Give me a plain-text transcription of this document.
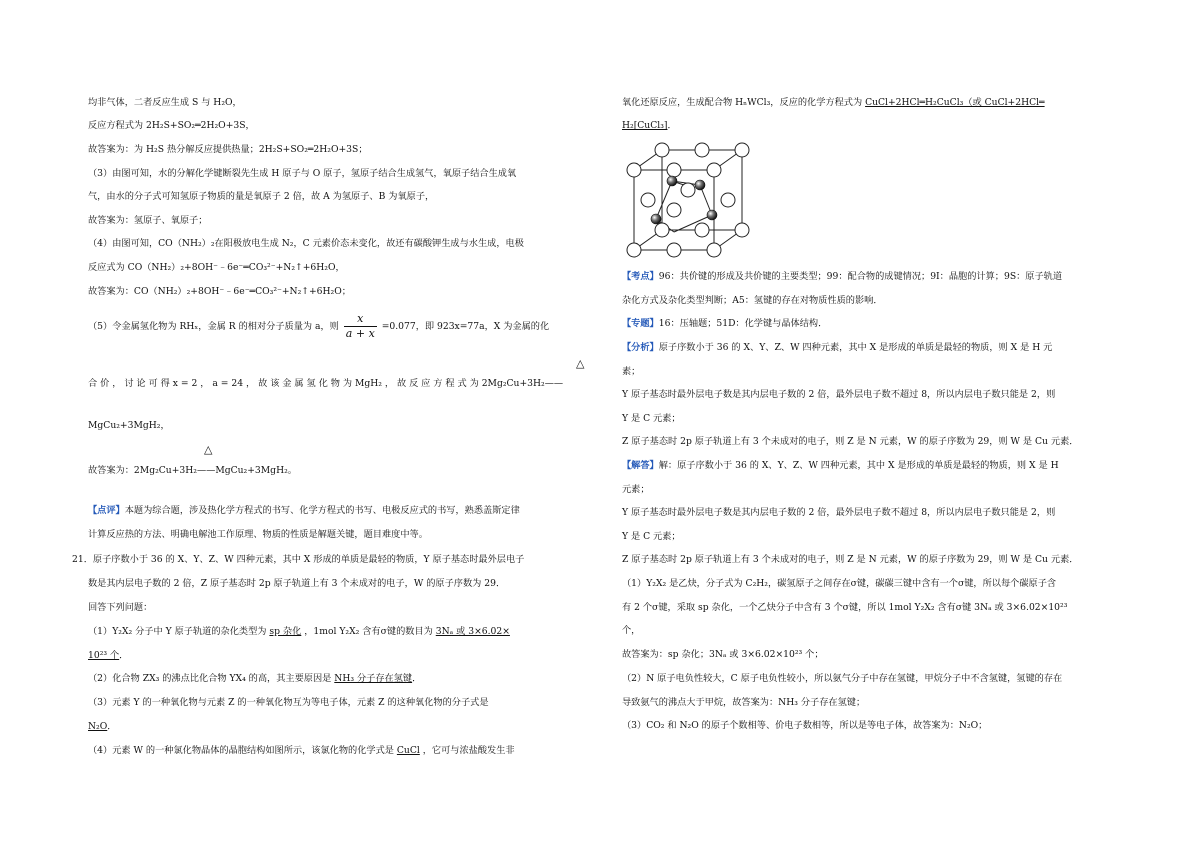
均非气体，二者反应生成 S 与 H₂O，
反应方程式为 2H₂S+SO₂═2H₂O+3S，
故答案为：为 H₂S 热分解反应提供热量；2H₂S+SO₂═2H₂O+3S；
（3）由图可知，水的分解化学键断裂先生成 H 原子与 O 原子，氢原子结合生成氢气，氧原子结合生成氧
气，由水的分子式可知氢原子物质的量是氧原子 2 倍，故 A 为氢原子、B 为氧原子，
故答案为：氢原子、氧原子；
（4）由图可知，CO（NH₂）₂在阳极放电生成 N₂，C 元素价态未变化，故还有碳酸钾生成与水生成，电极
反应式为 CO（NH₂）₂+8OH⁻﹣6e⁻═CO₃²⁻+N₂↑+6H₂O，
故答案为：CO（NH₂）₂+8OH⁻﹣6e⁻═CO₃²⁻+N₂↑+6H₂O；
（5）令金属氢化物为 RHₓ，金属 R 的相对分子质量为 a，则 $\frac{x}{a + x} =0.077$，即 923x=77a，X 为金属的化
△
合 价 ， 讨 论 可 得 x = 2 ， a = 24 ， 故 该 金 属 氢 化 物 为 MgH₂ ， 故 反 应 方 程 式 为 2Mg₂Cu+3H₂——
MgCu₂+3MgH₂，
△
故答案为：2Mg₂Cu+3H₂——MgCu₂+3MgH₂。
【点评】本题为综合题，涉及热化学方程式的书写、化学方程式的书写、电极反应式的书写，熟悉盖斯定律
计算反应热的方法、明确电解池工作原理、物质的性质是解题关键，题目难度中等。
21．原子序数小于 36 的 X、Y、Z、W 四种元素，其中 X 形成的单质是最轻的物质，Y 原子基态时最外层电子
数是其内层电子数的 2 倍，Z 原子基态时 2p 原子轨道上有 3 个未成对的电子，W 的原子序数为 29．
回答下列问题：
（1）Y₂X₂ 分子中 Y 原子轨道的杂化类型为 sp 杂化 ，1mol Y₂X₂ 含有σ键的数目为 3Nₐ 或 3×6.02×
10²³ 个．
（2）化合物 ZX₃ 的沸点比化合物 YX₄ 的高，其主要原因是 NH₃ 分子存在氢键．
（3）元素 Y 的一种氧化物与元素 Z 的一种氧化物互为等电子体，元素 Z 的这种氧化物的分子式是
N₂O．
（4）元素 W 的一种氯化物晶体的晶胞结构如图所示，该氯化物的化学式是 CuCl ，它可与浓盐酸发生非
氧化还原反应，生成配合物 HₙWCl₃，反应的化学方程式为 CuCl+2HCl═H₂CuCl₃（或 CuCl+2HCl═
H₂[CuCl₃]．
【考点】96：共价键的形成及共价键的主要类型；99：配合物的成键情况；9I：晶胞的计算；9S：原子轨道
杂化方式及杂化类型判断；A5：氢键的存在对物质性质的影响．
【专题】16：压轴题；51D：化学键与晶体结构．
【分析】原子序数小于 36 的 X、Y、Z、W 四种元素，其中 X 是形成的单质是最轻的物质，则 X 是 H 元
素；
Y 原子基态时最外层电子数是其内层电子数的 2 倍，最外层电子数不超过 8，所以内层电子数只能是 2，则
Y 是 C 元素；
Z 原子基态时 2p 原子轨道上有 3 个未成对的电子，则 Z 是 N 元素，W 的原子序数为 29，则 W 是 Cu 元素．
【解答】解：原子序数小于 36 的 X、Y、Z、W 四种元素，其中 X 是形成的单质是最轻的物质，则 X 是 H
元素；
Y 原子基态时最外层电子数是其内层电子数的 2 倍，最外层电子数不超过 8，所以内层电子数只能是 2，则
Y 是 C 元素；
Z 原子基态时 2p 原子轨道上有 3 个未成对的电子，则 Z 是 N 元素，W 的原子序数为 29，则 W 是 Cu 元素．
（1）Y₂X₂ 是乙炔，分子式为 C₂H₂，碳氢原子之间存在σ键，碳碳三键中含有一个σ键，所以每个碳原子含
有 2 个σ键，采取 sp 杂化，一个乙炔分子中含有 3 个σ键，所以 1mol Y₂X₂ 含有σ键 3Nₐ 或 3×6.02×10²³
个，
故答案为：sp 杂化；3Nₐ 或 3×6.02×10²³ 个；
（2）N 原子电负性较大，C 原子电负性较小，所以氨气分子中存在氢键，甲烷分子中不含氢键，氢键的存在
导致氨气的沸点大于甲烷，故答案为：NH₃ 分子存在氢键；
（3）CO₂ 和 N₂O 的原子个数相等、价电子数相等，所以是等电子体，故答案为：N₂O；
